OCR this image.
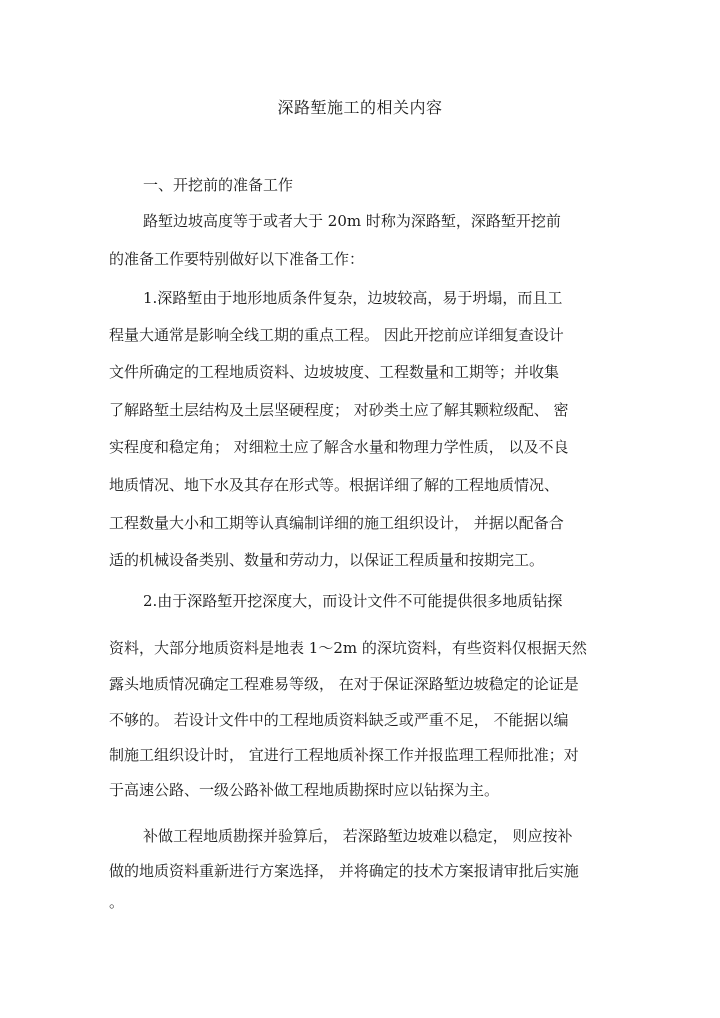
深路堑施工的相关内容
一、开挖前的准备工作
路堑边坡高度等于或者大于 20m 时称为深路堑，深路堑开挖前
的准备工作要特别做好以下准备工作：
1.深路堑由于地形地质条件复杂，边坡较高，易于坍塌，而且工
程量大通常是影响全线工期的重点工程。 因此开挖前应详细复查设计
文件所确定的工程地质资料、边坡坡度、工程数量和工期等；并收集
了解路堑土层结构及土层坚硬程度； 对砂类土应了解其颗粒级配、 密
实程度和稳定角； 对细粒土应了解含水量和物理力学性质， 以及不良
地质情况、地下水及其存在形式等。根据详细了解的工程地质情况、
工程数量大小和工期等认真编制详细的施工组织设计， 并据以配备合
适的机械设备类别、数量和劳动力，以保证工程质量和按期完工。
2.由于深路堑开挖深度大，而设计文件不可能提供很多地质钻探
资料，大部分地质资料是地表 1～2m 的深坑资料，有些资料仅根据天然
露头地质情况确定工程难易等级， 在对于保证深路堑边坡稳定的论证是
不够的。 若设计文件中的工程地质资料缺乏或严重不足， 不能据以编
制施工组织设计时， 宜进行工程地质补探工作并报监理工程师批准；对
于高速公路、一级公路补做工程地质勘探时应以钻探为主。
补做工程地质勘探并验算后， 若深路堑边坡难以稳定， 则应按补
做的地质资料重新进行方案选择， 并将确定的技术方案报请审批后实施
。
